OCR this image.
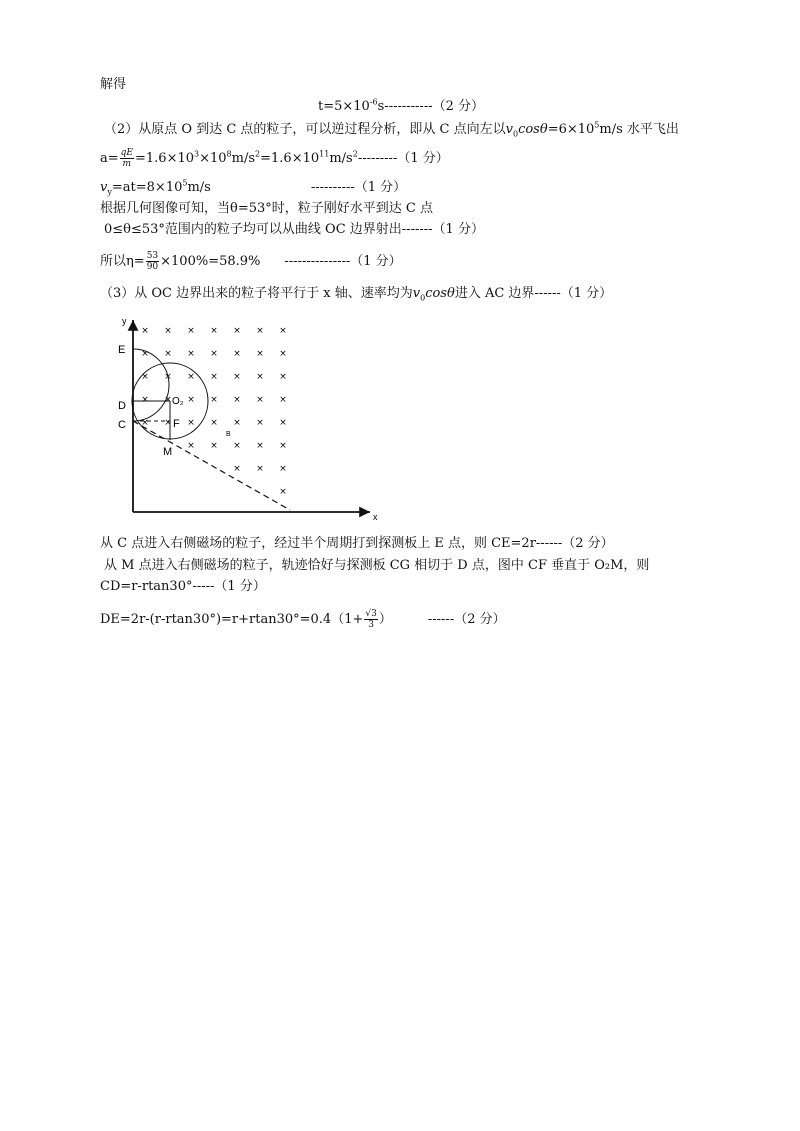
解得
$t=5\times 10^{-6}s-----------(2$ 分）
（2）从原点 O 到达 C 点的粒子，可以逆过程分析，即从 C 点向左以$v_0\cos\theta=6\times 10^5m/s$ 水平飞出
$a= \frac{qE}{m} =1.6\times 10^3\times 10^8m/s^2=1.6\times 10^{11}m/s^2---------(1$ 分）
$v_y=at=8\times 10^5m/s$	----------（1 分）
根据几何图像可知，当θ=53°时，粒子刚好水平到达 C 点
0≤θ≤53°范围内的粒子均可以从曲线 OC 边界射出-------（1 分）
所以$\eta= \frac{53}{90} \times 100\%=58.9\%$ ---------------（1 分）
（3）从 OC 边界出来的粒子将平行于 x 轴、速率均为$v_0\cos\theta$进入 AC 边界------（1 分）
y
x
× × × × × × ×
× × × × × × ×
× × × × × × ×
× × × × × × ×
× × × × × × ×
× × × × ×
× × ×
×
E
D
C
O₂
F
M
B
从 C 点进入右侧磁场的粒子，经过半个周期打到探测板上 E 点，则 CE=2r------（2 分）
从 M 点进入右侧磁场的粒子，轨迹恰好与探测板 CG 相切于 D 点，图中 CF 垂直于 O₂M，则
CD=r-rtan30°-----（1 分）
$DE=2r-(r-rtan30^\circ)=r+rtan30^\circ=0.4(1+ \frac{√3}{3}$ ）	------（2 分）
